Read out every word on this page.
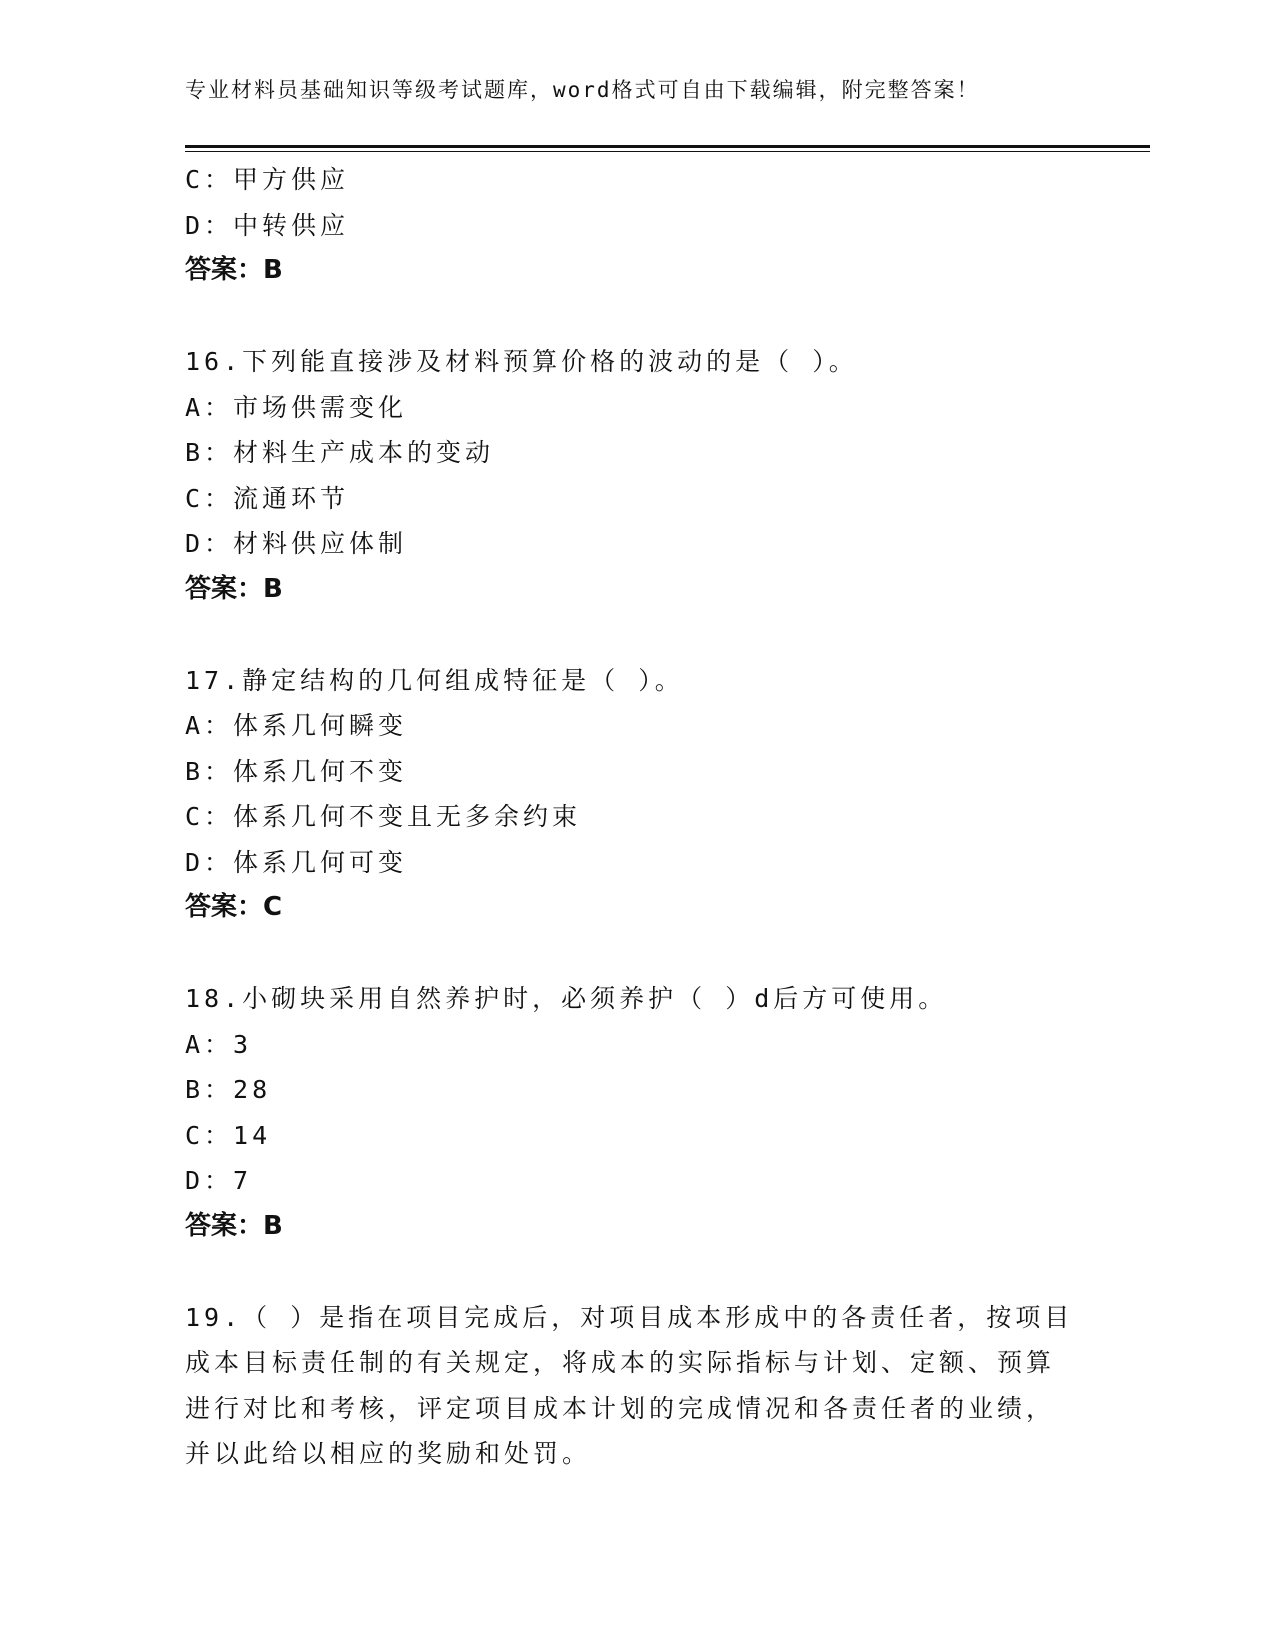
专业材料员基础知识等级考试题库，word格式可自由下载编辑，附完整答案！
C：甲方供应
D：中转供应
答案：B
16.下列能直接涉及材料预算价格的波动的是（ ）。
A：市场供需变化
B：材料生产成本的变动
C：流通环节
D：材料供应体制
答案：B
17.静定结构的几何组成特征是（ ）。
A：体系几何瞬变
B：体系几何不变
C：体系几何不变且无多余约束
D：体系几何可变
答案：C
18.小砌块采用自然养护时，必须养护（ ）d后方可使用。
A：3
B：28
C：14
D：7
答案：B
19.（ ）是指在项目完成后，对项目成本形成中的各责任者，按项目
成本目标责任制的有关规定，将成本的实际指标与计划、定额、预算
进行对比和考核，评定项目成本计划的完成情况和各责任者的业绩，
并以此给以相应的奖励和处罚。
